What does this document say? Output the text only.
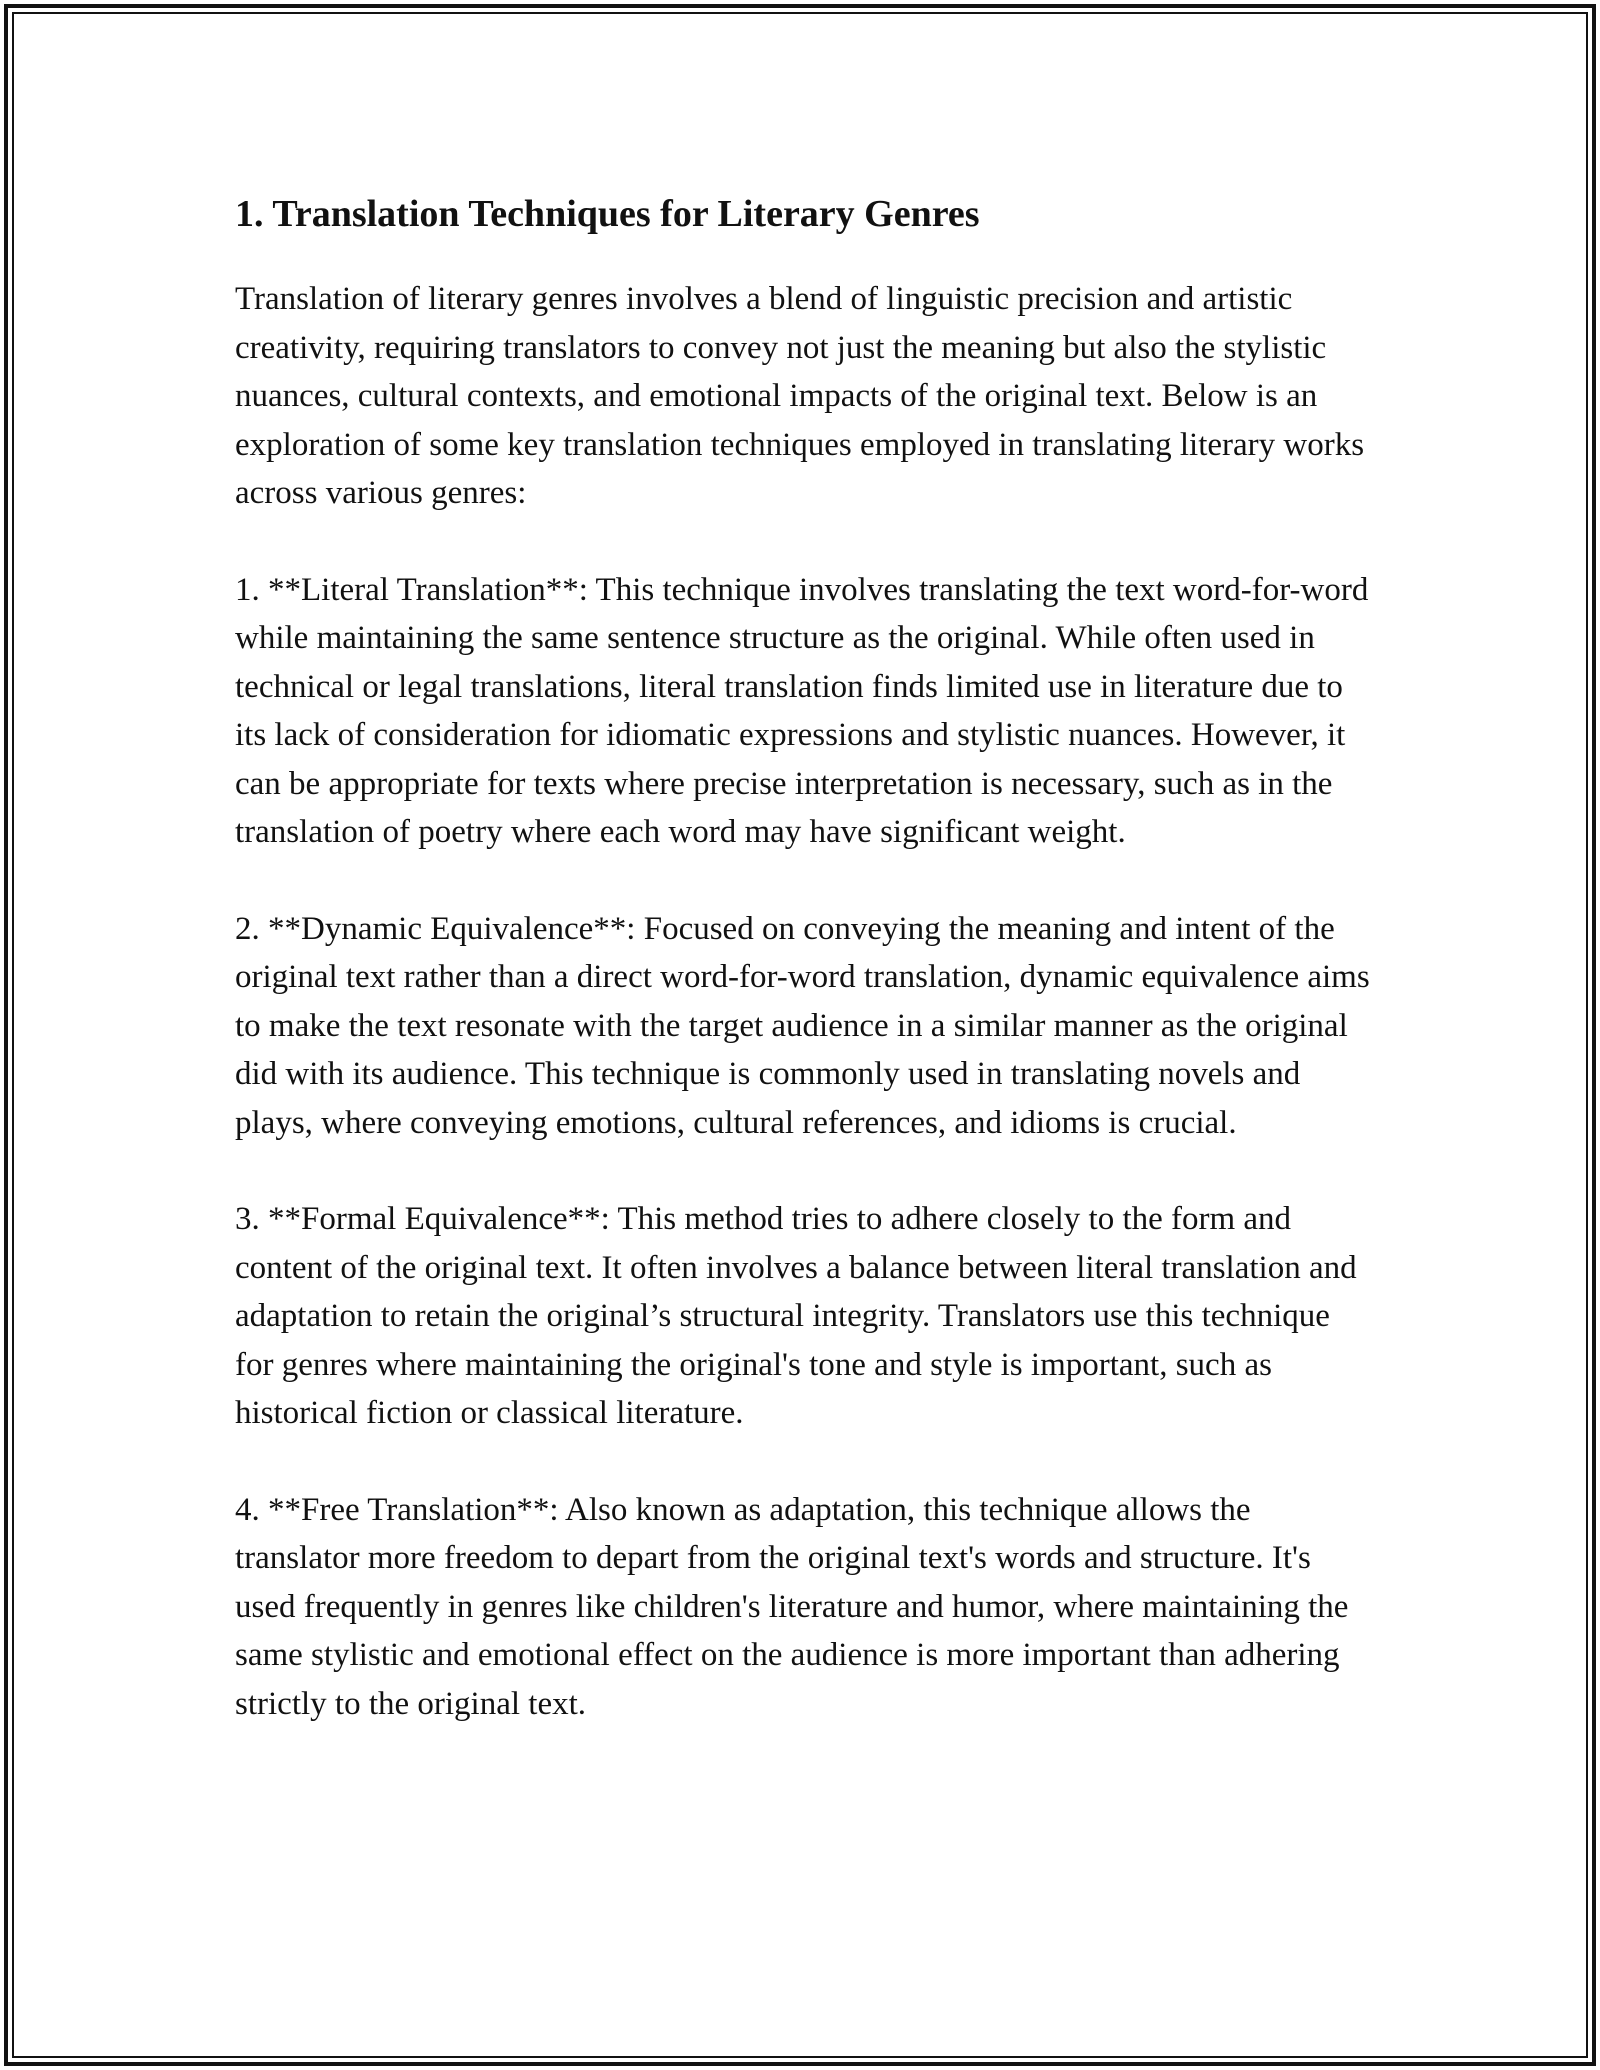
1. Translation Techniques for Literary Genres

Translation of literary genres involves a blend of linguistic precision and artistic creativity, requiring translators to convey not just the meaning but also the stylistic nuances, cultural contexts, and emotional impacts of the original text. Below is an exploration of some key translation techniques employed in translating literary works across various genres:

1. **Literal Translation**: This technique involves translating the text word-for-word while maintaining the same sentence structure as the original. While often used in technical or legal translations, literal translation finds limited use in literature due to its lack of consideration for idiomatic expressions and stylistic nuances. However, it can be appropriate for texts where precise interpretation is necessary, such as in the translation of poetry where each word may have significant weight.

2. **Dynamic Equivalence**: Focused on conveying the meaning and intent of the original text rather than a direct word-for-word translation, dynamic equivalence aims to make the text resonate with the target audience in a similar manner as the original did with its audience. This technique is commonly used in translating novels and plays, where conveying emotions, cultural references, and idioms is crucial.

3. **Formal Equivalence**: This method tries to adhere closely to the form and content of the original text. It often involves a balance between literal translation and adaptation to retain the original’s structural integrity. Translators use this technique for genres where maintaining the original's tone and style is important, such as historical fiction or classical literature.

4. **Free Translation**: Also known as adaptation, this technique allows the translator more freedom to depart from the original text's words and structure. It's used frequently in genres like children's literature and humor, where maintaining the same stylistic and emotional effect on the audience is more important than adhering strictly to the original text.
